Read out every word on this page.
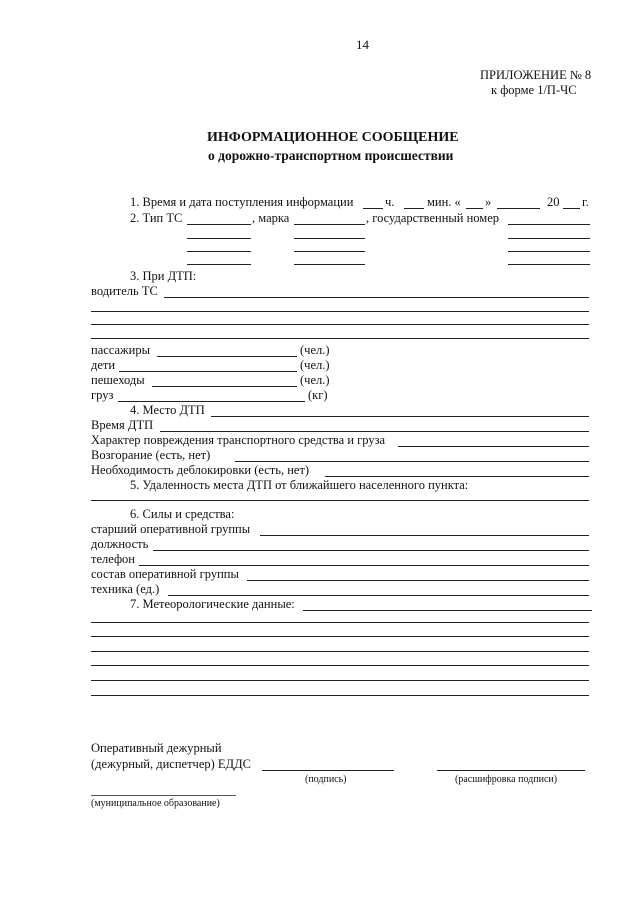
14
ПРИЛОЖЕНИЕ № 8
к форме 1/П-ЧС
ИНФОРМАЦИОННОЕ СООБЩЕНИЕ
о дорожно-транспортном происшествии
1. Время и дата поступления информации	ч.	мин. « »	20 г.
2. Тип ТС	, марка	, государственный номер
3. При ДТП:
водитель ТС
пассажиры	(чел.)
дети	(чел.)
пешеходы	(чел.)
груз	(кг)
4. Место ДТП
Время ДТП
Характер повреждения транспортного средства и груза
Возгорание (есть, нет)
Необходимость деблокировки (есть, нет)
5. Удаленность места ДТП от ближайшего населенного пункта:
6. Силы и средства:
старший оперативной группы
должность
телефон
состав оперативной группы
техника (ед.)
7. Метеорологические данные:
Оперативный дежурный
(дежурный, диспетчер) ЕДДС
(подпись)	(расшифровка подписи)
(муниципальное образование)
